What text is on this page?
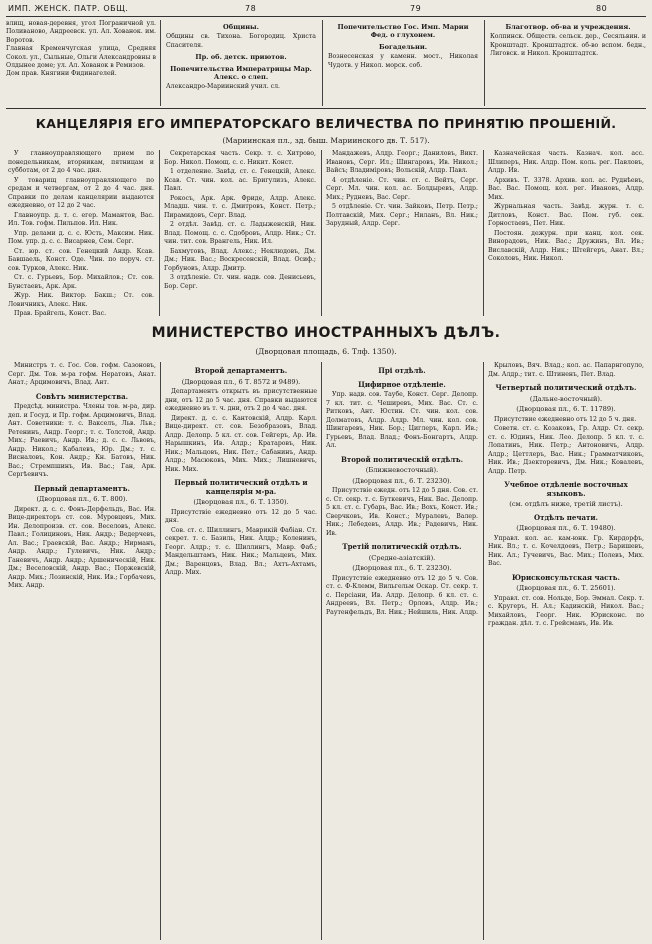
ИМП. ЖЕНСК. ПАТР. ОБЩ.	78	79	80

влищ, новая-деревня, угол Пограничной ул. Поливаново, Андреевск. ул. Ал. Хованок. им. Воротов.

Главная Кременчугская улица, Средняя Сокол. ул., Сыльные, Ольги Александровны в Олдынее доме; ул. Ал. Хованок в Ремизов.

Дом прав. Княгини Фидинагелей.

Общины.

Общины св. Тихона. Богородиц. Христа Спасителя.

Пр. об. детск. приютов.

Попечительства Императрицы Мар. Алекс. о слеп.

Александро-Мариинский учил. сл.

Попечительство Гос. Имп. Марии Фед. о глухонем.

Богадельни.

Вознесенская у каменн. мост., Николая Чудотв. у Никол. морск. соб.

Благотвор. об-ва и учреждения.

Колпинск. Обществ. сельск. дер., Сесяльвин. и Кронштадт. Кронштадтск. об-во вспом. бедн., Лиговск. и Никол. Кронштадтск.

КАНЦЕЛЯРІЯ ЕГО ИМПЕРАТОРСКАГО ВЕЛИЧЕСТВА ПО ПРИНЯТІЮ ПРОШЕНІЙ.
(Мариинская пл., зд. быш. Мариинского дв. Т. 517).

У главноуправляющего прием по понедельникам, вторникам, пятницам и субботам, от 2 до 4 час. дня.

У товарищ главноуправляющего по средам и четвергам, от 2 до 4 час. дня. Справки по делам канцелярии выдаются ежедневно, от 12 до 2 час.

Главноупр. д. т. с. егер. Мамантов, Вас. Ил. Тов. гофм. Пильпов. Ил. Ник.

Упр. делами д. с. с. Юсть, Максим. Ник. Пом. упр. д. с. с. Висарнев, Сем. Серг.

Ст. юр. ст. сов. Генецкий Андр. Ксав. Бавшаель, Конст. Оде. Чин. по поруч. ст. сов. Турков, Алекс. Ник.

Ст. с. Гурьевъ, Бор. Михайлов.; Ст. сов. Бунстаевъ, Арк. Арк.

Жур. Ник. Виктор. Бакш.; Ст. сов. Ловичникъ, Алекс. Ник.

Прав. Брайгель, Конст. Вас.

Секретарская часть. Секр. т. с. Хитрово, Бор. Никол. Помощ. с. с. Никит. Конст.

1 отделение. Завѣд. ст. с. Генецкій, Алекс. Ксав. Ст. чин. кол. ас. Бригулизъ, Алекс. Павл.

Рокосъ, Арк. Арк. Фриде, Алдр. Алекс. Младш. чин. т. с. Дмитровъ, Конст. Петр.; Пирамидовъ, Серг. Влад.

2 отдѣл. Завѣд. ст. с. Ладыженскій, Ник. Влад. Помощ. с. с. Сдобровъ, Алдр. Ник.; Ст. чин. тит. сов. Врангель, Ник. Ил.

Бахмутовъ, Влад. Алекс.; Неклюдовъ, Дм. Дм.; Ник. Вас.; Воскресенскій, Влад. Осиф.; Горбуновъ, Алдр. Дмитр.

3 отдѣленіе. Ст. чин. надв. сов. Денисьевъ, Бор. Серг.

Мандажевъ, Алдр. Георг.; Даниловъ, Викт. Ивановъ, Серг. Ил.; Шингаровъ, Ив. Никол.; Вайсъ; Владимiровъ; Вольскій, Алдр. Павл.

4 отдѣленіе. Ст. чин. ст. с. Вейтъ, Серг. Серг. Мл. чин. кол. ас. Болдыревъ, Алдр. Мих.; Рудневъ, Вас. Серг.

5 отдѣленіе. Ст. чин. Зайковъ, Петр. Петр.; Полтавскій, Мих. Серг.; Ниланъ, Вл. Ник.; Зарудный, Алдр. Серг.

Казначейская часть. Казнач. кол. асс. Шлиперъ, Ник. Алдр. Пом. коль. рег. Павловъ, Алдр. Ив.

Архивъ. Т. 3378. Архив. кол. ас. Руднѣевъ, Вас. Вас. Помощ. кол. рег. Ивановъ, Алдр. Мих.

Журнальная часть. Завѣд. журн. т. с. Дитловъ, Конст. Вас. Пом. губ. сек. Горностаевъ, Пет. Ник.

Постоян. дежурн. при канц. кол. сек. Винорадовъ, Ник. Вас.; Дружинъ, Вл. Ив.; Виславскій, Алдр. Ник.; Штейгеръ, Анат. Вл.; Соколовъ, Ник. Никол.

МИНИСТЕРСТВО ИНОСТРАННЫХЪ ДѢЛЪ.
(Дворцовая площадь, 6. Тлф. 1350).

Министръ т. с. Гос. Сов. гофм. Сазоновъ, Серг. Дм. Тов. м-ра гофм. Нератовъ, Анат. Анат.; Арцимовичъ, Влад. Ант.

Совѣтъ министерства.

Предсѣд. министра. Члены тов. м-ра, дир. деп. и Госуд. и Пр. гофм. Арцимовичъ, Влад. Ант. Советники: т. с. Вакселъ, Льв. Льв.; Ретенинъ, Андр. Георг.; т. с. Толстой, Андр. Мих.; Раевичъ, Андр. Ив.; д. с. с. Львовъ, Андр. Никол.; Кабалевъ, Юр. Дм.; т. с. Висналовъ, Кон. Андр.; Кн. Батовъ, Ник. Вас.; Стремпшинъ, Ив. Вас.; Ган, Арк. Сергѣевичъ.

Первый департаментъ.
(Дворцовая пл., 6. Т. 800).

Директ. д. с. с. Фонъ-Дерфельдъ, Вас. Ин. Вице-директоръ ст. сов. Муровцевъ, Мих. Ин. Делопроизв. ст. сов. Веселовъ, Алекс. Павл.; Голициновъ, Ник. Андр.; Ведерчевъ, Ал. Вас.; Граевскій, Вас. Андр.; Нирманъ, Андр. Андр.; Гулевичъ, Ник. Андр.; Ганевичъ, Андр. Андр.; Аршеническій, Ник. Дм.; Веселовскій, Андр. Вас.; Поржевскій, Андр. Мих.; Лозинскій, Ник. Ив.; Горбачевъ, Мих. Андр.

Второй департаментъ.
(Дворцовая пл., 6 Т. 8572 и 9489).

Департаментъ открытъ въ присутственные дни, отъ 12 до 5 час. дня. Справки выдаются ежедневно въ т. ч. дни, отъ 2 до 4 час. дня.

Директ. д. с. с. Кантовскій, Алдр. Карл. Вице-директ. ст. сов. Безобразовъ, Влад. Алдр. Делопр. 5 кл. ст. сов. Гейгеръ, Ар. Ив. Нарышкинъ, Ив. Алдр.; Кратаровъ, Ник. Ник.; Мальцовъ, Ник. Пет.; Сабанинъ, Андр. Алдр.; Масюковъ, Мих. Мих.; Лишневичъ, Ник. Мих.

Первый политический отдѣлъ и канцелярія м-ра.
(Дворцовая пл., 6. Т. 1350).

Присутствіе ежедневно отъ 12 до 5 час. дня.

Сов. ст. с. Шиллингъ, Маврикій Фабіан. Ст. секрет. т. с. Базиль, Ник. Алдр.; Коленинъ, Георг. Алдр.; т. с. Шиллингъ, Мавр. Фаб.; Мандельштамъ, Ник. Ник.; Мальцевъ, Мих. Дм.; Варенцовъ, Влад. Вл.; Ахтъ-Ахтамъ, Алдр. Мих.

Прі отдѣлѣ.
Цифирное отдѣленіе.

Упр. надв. сов. Таубе, Конст. Серг. Делопр. 7 кл. тит. с. Чеширевъ, Мих. Вас. Ст. с. Ритковъ, Ант. Юстин. Ст. чин. кол. сов. Долматовъ, Алдр. Алдр. Мл. чин. кол. сов. Шингаревъ, Ник. Бор.; Циглеръ, Карл. Ив.; Гурьевъ, Влад. Влад.; Фонъ-Бонгартъ, Алдр. Ал.

Второй политическій отдѣлъ.
(Ближневосточный).
(Дворцовая пл., 6. Т. 23230).

Присутствіе ежедн. отъ 12 до 5 дня. Сов. ст. с. Ст. секр. т. с. Буткевичъ, Ник. Вас. Делопр. 5 кл. ст. с. Губарь, Вас. Ив.; Вохъ, Конст. Ив.; Сверчковъ, Ив. Конст.; Муралевъ, Валер. Ник.; Лебедевъ, Алдр. Ив.; Радевичъ, Ник. Ив.

Третій политическій отдѣлъ.
(Средне-азіатскій).
(Дворцовая пл., 6. Т. 23230).

Присутствіе ежедневно отъ 12 до 5 ч. Сов. ст. с. Ф-Клемм, Вильгельм Оскар. Ст. секр. т. с. Персіани, Ив. Алдр. Делопр. 6 кл. ст. с. Андреевъ, Вл. Петр.; Орловъ, Алдр. Ив.; Раутенфельдъ, Вл. Ник.; Нейшиль, Ник. Алдр.

Крыловъ, Вяч. Влад.; кол. ас. Папарнгопуло, Дм. Алдр.; тит. с. Штиненъ, Пет. Влад.

Четвертый политический отдѣлъ.
(Дальне-восточный).
(Дворцовая пл., 6. Т. 11789).

Присутствие ежедневно отъ 12 до 5 ч. дня.

Советн. ст. с. Козаковъ, Гр. Алдр. Ст. секр. ст. с. Юдинъ, Ник. Лео. Делопр. 5 кл. т. с. Лопатинъ, Ник. Петр.; Антоновичъ, Алдр. Алдр.; Цеттлеръ, Вас. Ник.; Грамматчиковъ, Ник. Ив.; Дзекторевичъ, Дм. Ник.; Ковалевъ, Алдр. Петр.

Учебное отдѣленіе восточных языковъ.
(см. отдѣлъ ниже, третій листъ).
Отдѣлъ печати.
(Дворцовая пл., 6. Т. 19480).

Управл. кол. ас. кам-юнк. Гр. Кирдорфъ, Ник. Вл.; т. с. Кочелдоевъ, Петр.; Баришевъ, Ник. Ал.; Гучевичъ, Вас. Мих.; Полевъ, Мих. Вас.

Юрисконсультская часть.
(Дворцовая пл., 6. Т. 25601).

Управл. ст. сов. Нольде, Бор. Эммал. Секр. т. с. Кругеръ, Н. Ал.; Кадинскій, Никол. Вас.; Михайловъ, Георг. Ник. Юрисконс. по граждан. дѣл. т. с. Грейсманъ, Ив. Ив.
